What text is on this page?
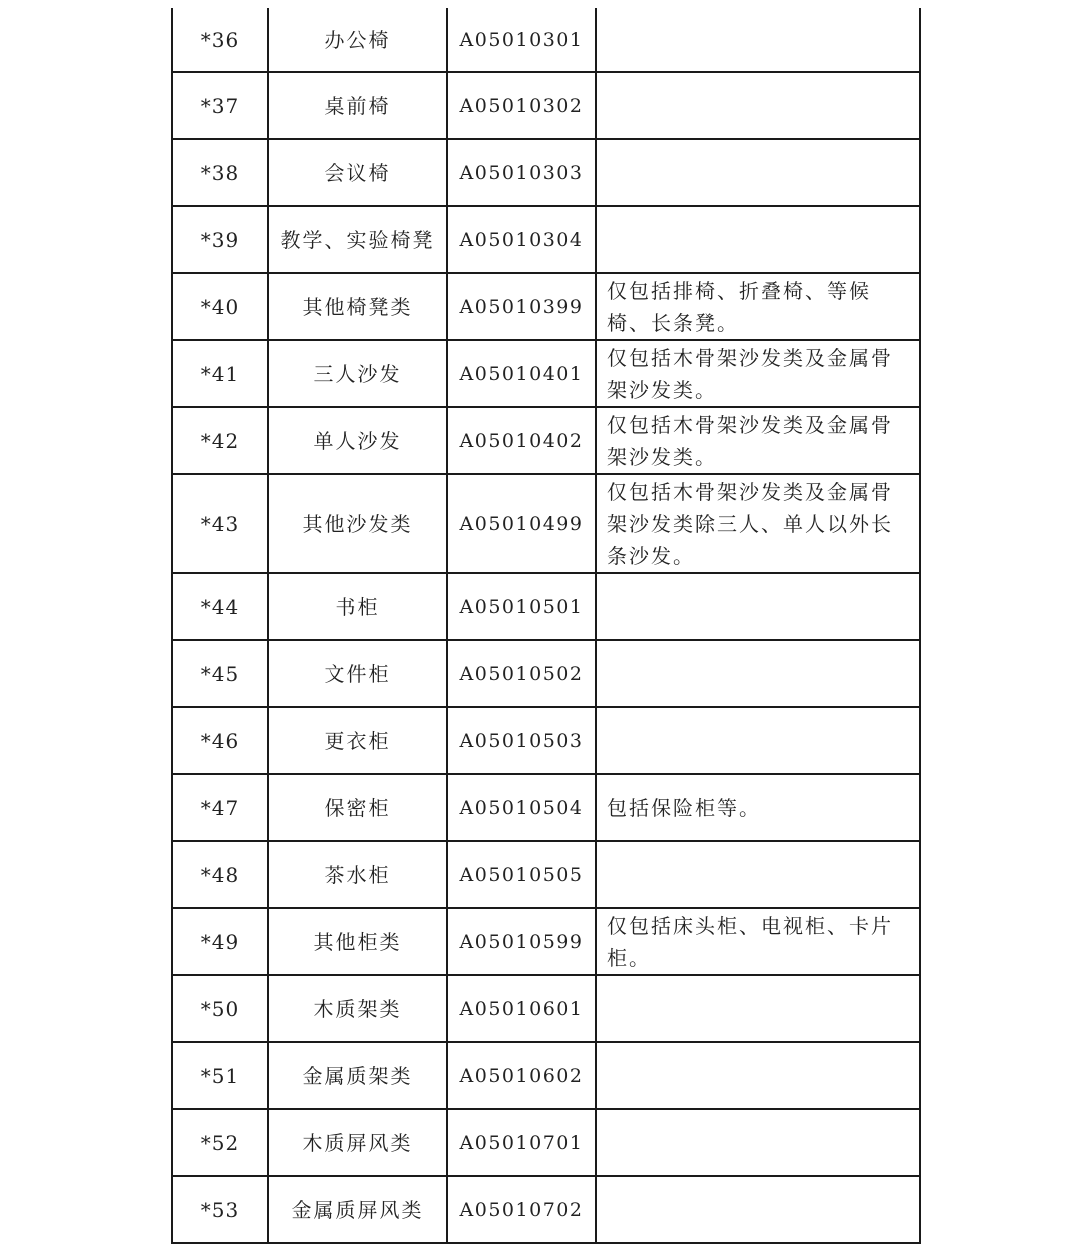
*36	办公椅	A05010301	
*37	桌前椅	A05010302	
*38	会议椅	A05010303	
*39	教学、实验椅凳	A05010304	
*40	其他椅凳类	A05010399	仅包括排椅、折叠椅、等候椅、长条凳。
*41	三人沙发	A05010401	仅包括木骨架沙发类及金属骨架沙发类。
*42	单人沙发	A05010402	仅包括木骨架沙发类及金属骨架沙发类。
*43	其他沙发类	A05010499	仅包括木骨架沙发类及金属骨架沙发类除三人、单人以外长条沙发。
*44	书柜	A05010501	
*45	文件柜	A05010502	
*46	更衣柜	A05010503	
*47	保密柜	A05010504	包括保险柜等。
*48	茶水柜	A05010505	
*49	其他柜类	A05010599	仅包括床头柜、电视柜、卡片柜。
*50	木质架类	A05010601	
*51	金属质架类	A05010602	
*52	木质屏风类	A05010701	
*53	金属质屏风类	A05010702	
